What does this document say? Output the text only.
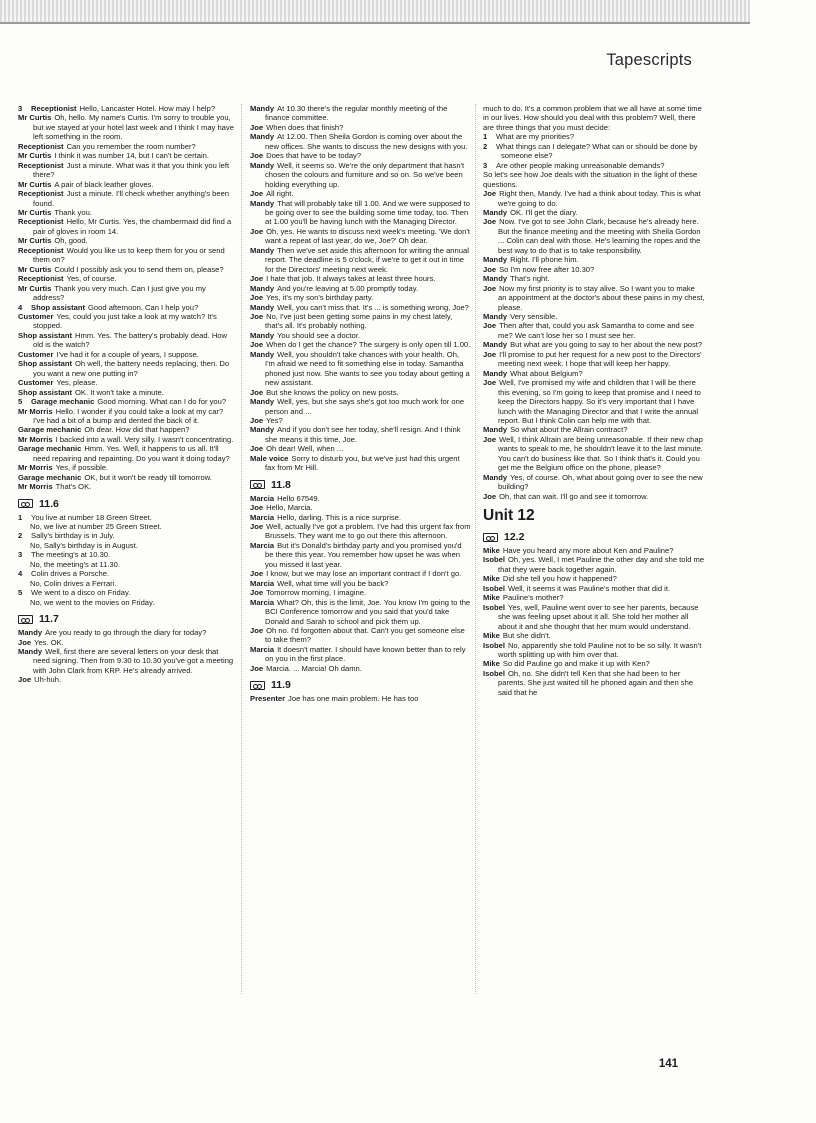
Tapescripts

3 Receptionist Hello, Lancaster Hotel. How may I help?

Mr Curtis Oh, hello. My name's Curtis. I'm sorry to trouble you, but we stayed at your hotel last week and I think I may have left something in the room.

Receptionist Can you remember the room number?

Mr Curtis I think it was number 14, but I can't be certain.

Receptionist Just a minute. What was it that you think you left there?

Mr Curtis A pair of black leather gloves.

Receptionist Just a minute. I'll check whether anything's been found.

Mr Curtis Thank you.

Receptionist Hello, Mr Curtis. Yes, the chambermaid did find a pair of gloves in room 14.

Mr Curtis Oh, good.

Receptionist Would you like us to keep them for you or send them on?

Mr Curtis Could I possibly ask you to send them on, please?

Receptionist Yes, of course.

Mr Curtis Thank you very much. Can I just give you my address?

4 Shop assistant Good afternoon. Can I help you?

Customer Yes, could you just take a look at my watch? It's stopped.

Shop assistant Hmm. Yes. The battery's probably dead. How old is the watch?

Customer I've had it for a couple of years, I suppose.

Shop assistant Oh well, the battery needs replacing, then. Do you want a new one putting in?

Customer Yes, please.

Shop assistant OK. It won't take a minute.

5 Garage mechanic Good morning. What can I do for you?

Mr Morris Hello. I wonder if you could take a look at my car? I've had a bit of a bump and dented the back of it.

Garage mechanic Oh dear. How did that happen?

Mr Morris I backed into a wall. Very silly. I wasn't concentrating.

Garage mechanic Hmm. Yes. Well, it happens to us all. It'll need repairing and repainting. Do you want it doing today?

Mr Morris Yes, if possible.

Garage mechanic OK, but it won't be ready till tomorrow.

Mr Morris That's OK.

11.6

1 You live at number 18 Green Street.

No, we live at number 25 Green Street.

2 Sally's birthday is in July.

No, Sally's birthday is in August.

3 The meeting's at 10.30.

No, the meeting's at 11.30.

4 Colin drives a Porsche.

No, Colin drives a Ferrari.

5 We went to a disco on Friday.

No, we went to the movies on Friday.

11.7

Mandy Are you ready to go through the diary for today?

Joe Yes. OK.

Mandy Well, first there are several letters on your desk that need signing. Then from 9.30 to 10.30 you've got a meeting with John Clark from KRP. He's already arrived.

Joe Uh-huh.

Mandy At 10.30 there's the regular monthly meeting of the finance committee.

Joe When does that finish?

Mandy At 12.00. Then Sheila Gordon is coming over about the new offices. She wants to discuss the new designs with you.

Joe Does that have to be today?

Mandy Well, it seems so. We're the only department that hasn't chosen the colours and furniture and so on. So we've been holding everything up.

Joe All right.

Mandy That will probably take till 1.00. And we were supposed to be going over to see the building some time today, too. Then at 1.00 you'll be having lunch with the Managing Director.

Joe Oh, yes. He wants to discuss next week's meeting. 'We don't want a repeat of last year, do we, Joe?' Oh dear.

Mandy Then we've set aside this afternoon for writing the annual report. The deadline is 5 o'clock, if we're to get it out in time for the Directors' meeting next week.

Joe I hate that job. It always takes at least three hours.

Mandy And you're leaving at 5.00 promptly today.

Joe Yes, it's my son's birthday party.

Mandy Well, you can't miss that. It's ... is something wrong, Joe?

Joe No, I've just been getting some pains in my chest lately, that's all. It's probably nothing.

Mandy You should see a doctor.

Joe When do I get the chance? The surgery is only open till 1.00.

Mandy Well, you shouldn't take chances with your health. Oh, I'm afraid we need to fit something else in today. Samantha phoned just now. She wants to see you today about getting a new assistant.

Joe But she knows the policy on new posts.

Mandy Well, yes, but she says she's got too much work for one person and ...

Joe Yes?

Mandy And if you don't see her today, she'll resign. And I think she means it this time, Joe.

Joe Oh dear! Well, when ...

Male voice Sorry to disturb you, but we've just had this urgent fax from Mr Hill.

11.8

Marcia Hello 67549.

Joe Hello, Marcia.

Marcia Hello, darling. This is a nice surprise.

Joe Well, actually I've got a problem. I've had this urgent fax from Brussels. They want me to go out there this afternoon.

Marcia But it's Donald's birthday party and you promised you'd be there this year. You remember how upset he was when you missed it last year.

Joe I know, but we may lose an important contract if I don't go.

Marcia Well, what time will you be back?

Joe Tomorrow morning, I imagine.

Marcia What? Oh, this is the limit, Joe. You know I'm going to the BCI Conference tomorrow and you said that you'd take Donald and Sarah to school and pick them up.

Joe Oh no. I'd forgotten about that. Can't you get someone else to take them?

Marcia It doesn't matter. I should have known better than to rely on you in the first place.

Joe Marcia. ... Marcia! Oh damn.

11.9

Presenter Joe has one main problem. He has too

much to do. It's a common problem that we all have at some time in our lives. How should you deal with this problem? Well, there are three things that you must decide:

1 What are my priorities?

2 What things can I delegate? What can or should be done by someone else?

3 Are other people making unreasonable demands?

So let's see how Joe deals with the situation in the light of these questions.

Joe Right then, Mandy. I've had a think about today. This is what we're going to do.

Mandy OK. I'll get the diary.

Joe Now. I've got to see John Clark, because he's already here. But the finance meeting and the meeting with Sheila Gordon ... Colin can deal with those. He's learning the ropes and the best way to do that is to take responsibility.

Mandy Right. I'll phone him.

Joe So I'm now free after 10.30?

Mandy That's right.

Joe Now my first priority is to stay alive. So I want you to make an appointment at the doctor's about these pains in my chest, please.

Mandy Very sensible.

Joe Then after that, could you ask Samantha to come and see me? We can't lose her so I must see her.

Mandy But what are you going to say to her about the new post?

Joe I'll promise to put her request for a new post to the Directors' meeting next week. I hope that will keep her happy.

Mandy What about Belgium?

Joe Well, I've promised my wife and children that I will be there this evening, so I'm going to keep that promise and I need to keep the Directors happy. So it's very important that I have lunch with the Managing Director and that I write the annual report. But I think Colin can help me with that.

Mandy So what about the Allrain contract?

Joe Well, I think Allrain are being unreasonable. If their new chap wants to speak to me, he shouldn't leave it to the last minute. You can't do business like that. So I think that's it. Could you get me the Belgium office on the phone, please?

Mandy Yes, of course. Oh, what about going over to see the new building?

Joe Oh, that can wait. I'll go and see it tomorrow.

Unit 12
12.2

Mike Have you heard any more about Ken and Pauline?

Isobel Oh, yes. Well, I met Pauline the other day and she told me that they were back together again.

Mike Did she tell you how it happened?

Isobel Well, it seems it was Pauline's mother that did it.

Mike Pauline's mother?

Isobel Yes, well, Pauline went over to see her parents, because she was feeling upset about it all. She told her mother all about it and she thought that her mum would understand.

Mike But she didn't.

Isobel No, apparently she told Pauline not to be so silly. It wasn't worth splitting up with him over that.

Mike So did Pauline go and make it up with Ken?

Isobel Oh, no. She didn't tell Ken that she had been to her parents. She just waited till he phoned again and then she said that he

141
